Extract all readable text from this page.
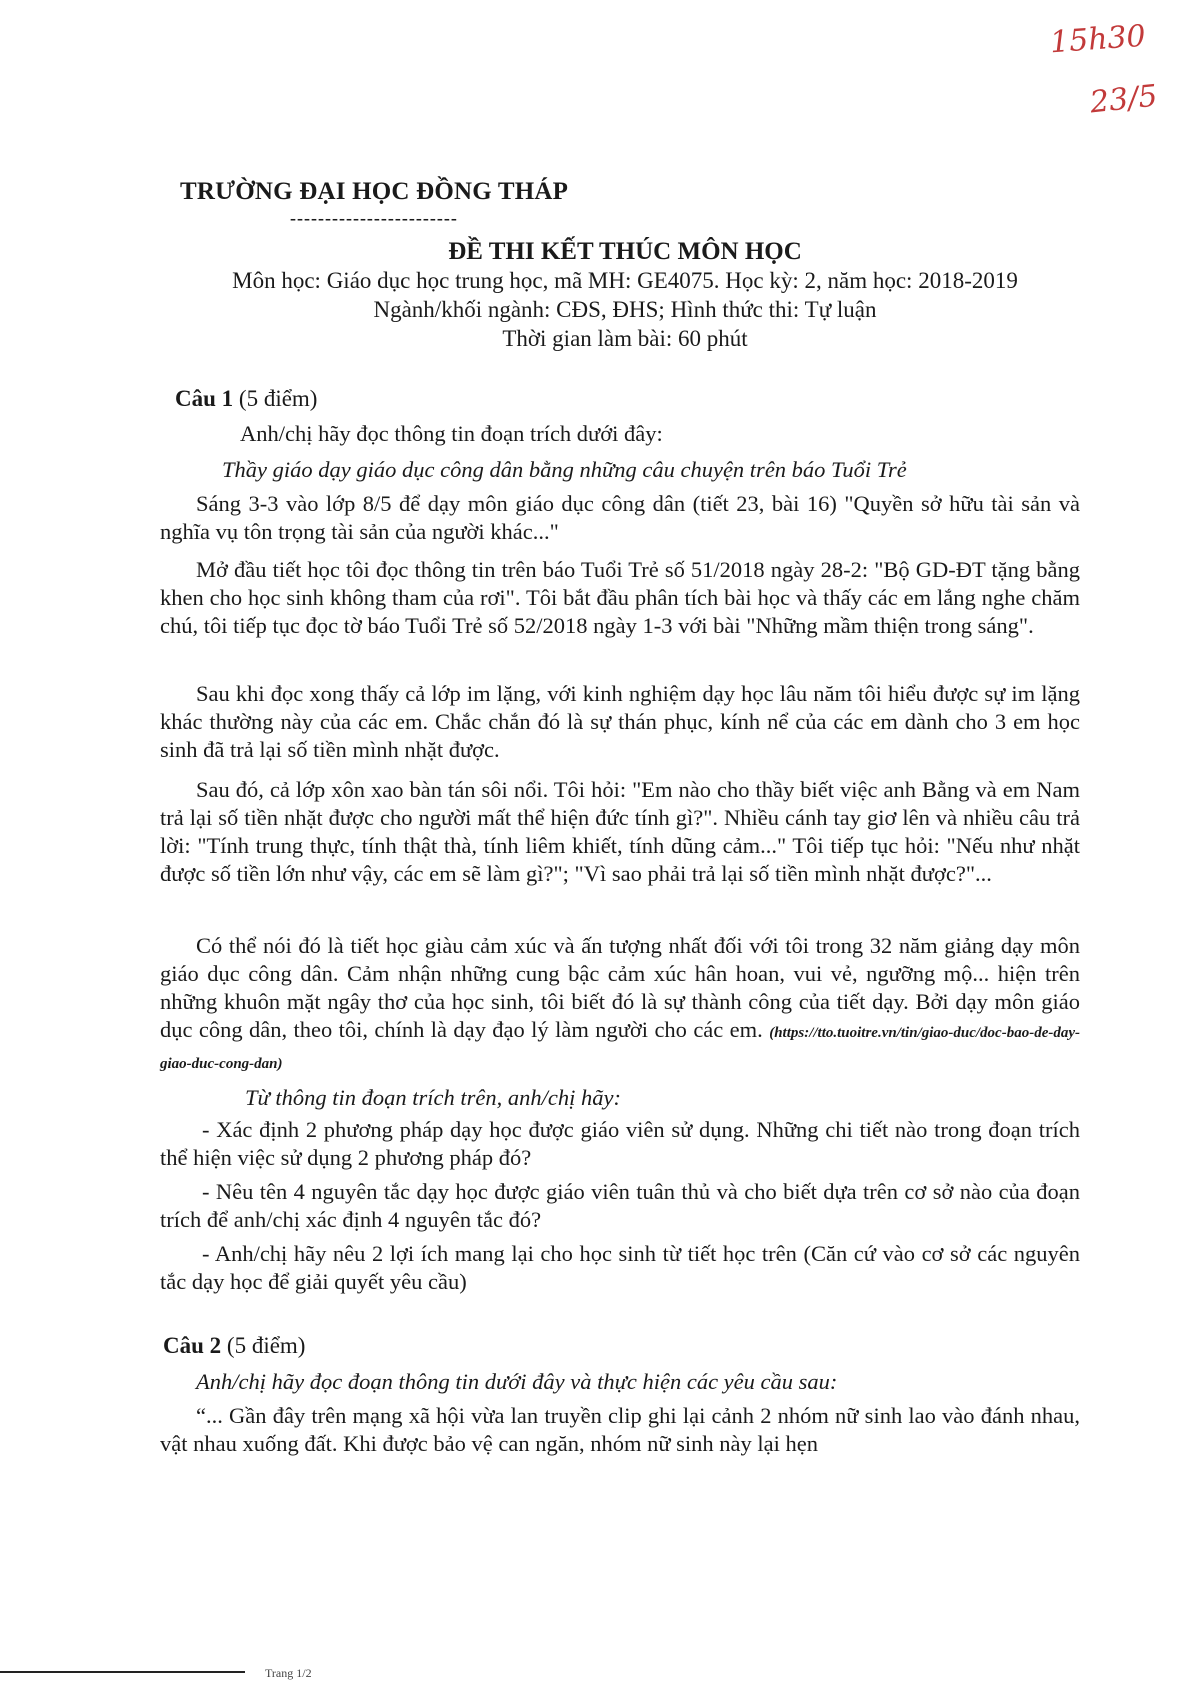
15h30
23/5
TRƯỜNG ĐẠI HỌC ĐỒNG THÁP
------------------------
ĐỀ THI KẾT THÚC MÔN HỌC
Môn học: Giáo dục học trung học, mã MH: GE4075. Học kỳ: 2, năm học: 2018-2019
Ngành/khối ngành: CĐS, ĐHS; Hình thức thi: Tự luận
Thời gian làm bài: 60 phút
Câu 1 (5 điểm)
Anh/chị hãy đọc thông tin đoạn trích dưới đây:
Thầy giáo dạy giáo dục công dân bằng những câu chuyện trên báo Tuổi Trẻ
Sáng 3-3 vào lớp 8/5 để dạy môn giáo dục công dân (tiết 23, bài 16) "Quyền sở hữu tài sản và nghĩa vụ tôn trọng tài sản của người khác..."
Mở đầu tiết học tôi đọc thông tin trên báo Tuổi Trẻ số 51/2018 ngày 28-2: "Bộ GD-ĐT tặng bằng khen cho học sinh không tham của rơi". Tôi bắt đầu phân tích bài học và thấy các em lắng nghe chăm chú, tôi tiếp tục đọc tờ báo Tuổi Trẻ số 52/2018 ngày 1-3 với bài "Những mầm thiện trong sáng".
Sau khi đọc xong thấy cả lớp im lặng, với kinh nghiệm dạy học lâu năm tôi hiểu được sự im lặng khác thường này của các em. Chắc chắn đó là sự thán phục, kính nể của các em dành cho 3 em học sinh đã trả lại số tiền mình nhặt được.
Sau đó, cả lớp xôn xao bàn tán sôi nổi. Tôi hỏi: "Em nào cho thầy biết việc anh Bằng và em Nam trả lại số tiền nhặt được cho người mất thể hiện đức tính gì?". Nhiều cánh tay giơ lên và nhiều câu trả lời: "Tính trung thực, tính thật thà, tính liêm khiết, tính dũng cảm..." Tôi tiếp tục hỏi: "Nếu như nhặt được số tiền lớn như vậy, các em sẽ làm gì?"; "Vì sao phải trả lại số tiền mình nhặt được?"...
Có thể nói đó là tiết học giàu cảm xúc và ấn tượng nhất đối với tôi trong 32 năm giảng dạy môn giáo dục công dân. Cảm nhận những cung bậc cảm xúc hân hoan, vui vẻ, ngưỡng mộ... hiện trên những khuôn mặt ngây thơ của học sinh, tôi biết đó là sự thành công của tiết dạy. Bởi dạy môn giáo dục công dân, theo tôi, chính là dạy đạo lý làm người cho các em. (https://tto.tuoitre.vn/tin/giao-duc/doc-bao-de-day-giao-duc-cong-dan)
Từ thông tin đoạn trích trên, anh/chị hãy:
- Xác định 2 phương pháp dạy học được giáo viên sử dụng. Những chi tiết nào trong đoạn trích thể hiện việc sử dụng 2 phương pháp đó?
- Nêu tên 4 nguyên tắc dạy học được giáo viên tuân thủ và cho biết dựa trên cơ sở nào của đoạn trích để anh/chị xác định 4 nguyên tắc đó?
- Anh/chị hãy nêu 2 lợi ích mang lại cho học sinh từ tiết học trên (Căn cứ vào cơ sở các nguyên tắc dạy học để giải quyết yêu cầu)
Câu 2 (5 điểm)
Anh/chị hãy đọc đoạn thông tin dưới đây và thực hiện các yêu cầu sau:
“... Gần đây trên mạng xã hội vừa lan truyền clip ghi lại cảnh 2 nhóm nữ sinh lao vào đánh nhau, vật nhau xuống đất. Khi được bảo vệ can ngăn, nhóm nữ sinh này lại hẹn
Trang 1/2
